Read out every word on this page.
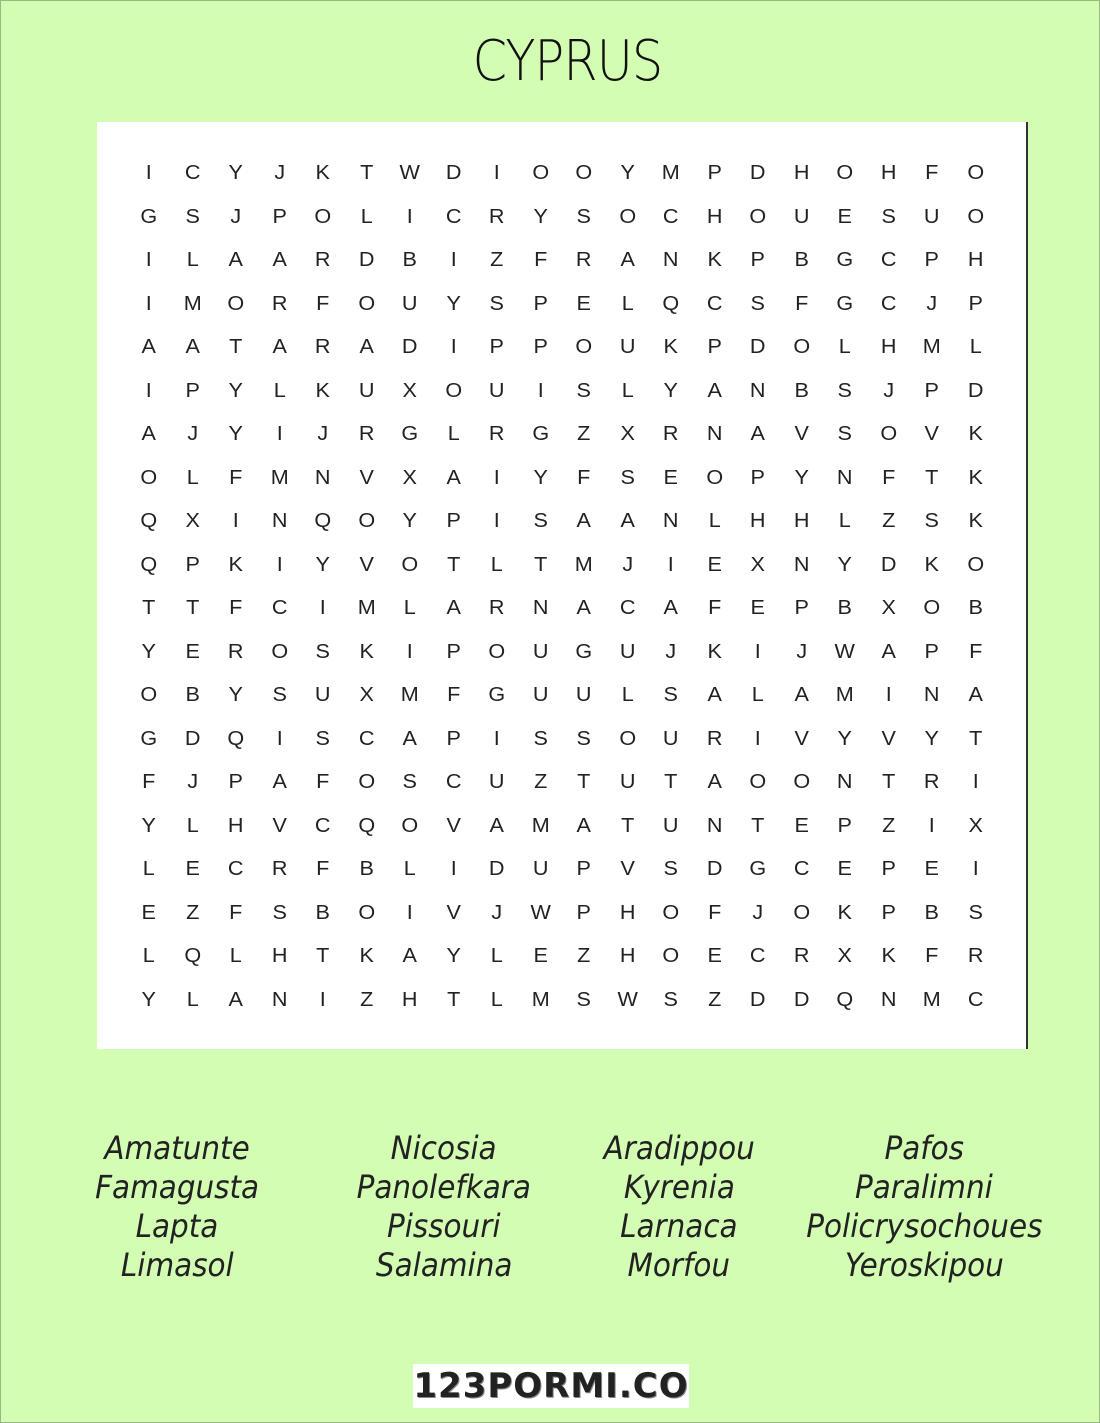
CYPRUS
I	C	Y	J	K	T	W	D	I	O	O	Y	M	P	D	H	O	H	F	O
G	S	J	P	O	L	I	C	R	Y	S	O	C	H	O	U	E	S	U	O
I	L	A	A	R	D	B	I	Z	F	R	A	N	K	P	B	G	C	P	H
I	M	O	R	F	O	U	Y	S	P	E	L	Q	C	S	F	G	C	J	P
A	A	T	A	R	A	D	I	P	P	O	U	K	P	D	O	L	H	M	L
I	P	Y	L	K	U	X	O	U	I	S	L	Y	A	N	B	S	J	P	D
A	J	Y	I	J	R	G	L	R	G	Z	X	R	N	A	V	S	O	V	K
O	L	F	M	N	V	X	A	I	Y	F	S	E	O	P	Y	N	F	T	K
Q	X	I	N	Q	O	Y	P	I	S	A	A	N	L	H	H	L	Z	S	K
Q	P	K	I	Y	V	O	T	L	T	M	J	I	E	X	N	Y	D	K	O
T	T	F	C	I	M	L	A	R	N	A	C	A	F	E	P	B	X	O	B
Y	E	R	O	S	K	I	P	O	U	G	U	J	K	I	J	W	A	P	F
O	B	Y	S	U	X	M	F	G	U	U	L	S	A	L	A	M	I	N	A
G	D	Q	I	S	C	A	P	I	S	S	O	U	R	I	V	Y	V	Y	T
F	J	P	A	F	O	S	C	U	Z	T	U	T	A	O	O	N	T	R	I
Y	L	H	V	C	Q	O	V	A	M	A	T	U	N	T	E	P	Z	I	X
L	E	C	R	F	B	L	I	D	U	P	V	S	D	G	C	E	P	E	I
E	Z	F	S	B	O	I	V	J	W	P	H	O	F	J	O	K	P	B	S
L	Q	L	H	T	K	A	Y	L	E	Z	H	O	E	C	R	X	K	F	R
Y	L	A	N	I	Z	H	T	L	M	S	W	S	Z	D	D	Q	N	M	C
Amatunte
Famagusta
Lapta
Limasol
Nicosia
Panolefkara
Pissouri
Salamina
Aradippou
Kyrenia
Larnaca
Morfou
Pafos
Paralimni
Policrysochoues
Yeroskipou
123PORMI.CO
